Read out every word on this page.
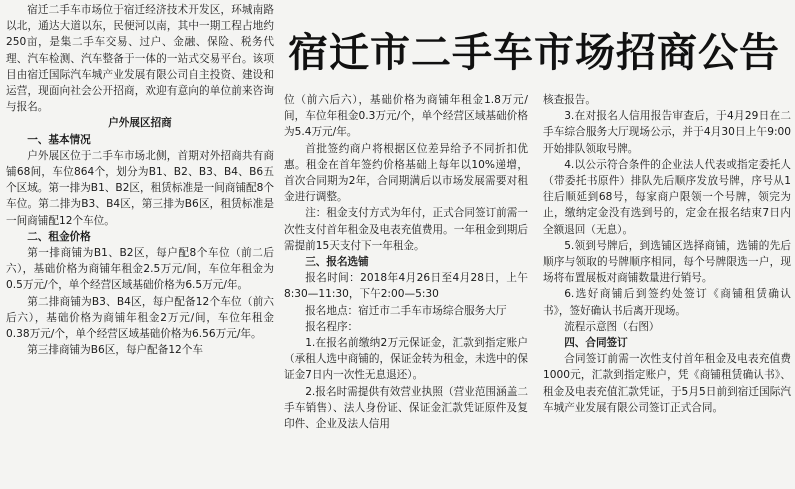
宿迁二手车市场位于宿迁经济技术开发区，环城南路以北，通达大道以东，民便河以南，其中一期工程占地约250亩，是集二手车交易、过户、金融、保险、税务代理、汽车检测、汽车整备于一体的一站式交易平台。该项目由宿迁国际汽车城产业发展有限公司自主投资、建设和运营，现面向社会公开招商，欢迎有意向的单位前来咨询与报名。

户外展区招商

一、基本情况

户外展区位于二手车市场北侧，首期对外招商共有商铺68间，车位864个，划分为B1、B2、B3、B4、B6五个区域。第一排为B1、B2区，租赁标准是一间商铺配8个车位。第二排为B3、B4区，第三排为B6区，租赁标准是一间商铺配12个车位。

二、租金价格

第一排商铺为B1、B2区，每户配8个车位（前二后六），基础价格为商铺年租金2.5万元/间，车位年租金为0.5万元/个，单个经营区域基础价格为6.5万元/年。

第二排商铺为B3、B4区，每户配备12个车位（前六后六），基础价格为商铺年租金2万元/间，车位年租金0.38万元/个，单个经营区域基础价格为6.56万元/年。

第三排商铺为B6区，每户配备12个车

宿迁市二手车市场招商公告

位（前六后六），基础价格为商铺年租金1.8万元/间，车位年租金0.3万元/个，单个经营区域基础价格为5.4万元/年。

首批签约商户将根据区位差异给予不同折扣优惠。租金在首年签约价格基础上每年以10%递增，首次合同期为2年，合同期满后以市场发展需要对租金进行调整。

注：租金支付方式为年付，正式合同签订前需一次性支付首年租金及电表充值费用。一年租金到期后需提前15天支付下一年租金。

三、报名选铺

报名时间：2018年4月26日至4月28日，上午8:30—11:30，下午2:00—5:30

报名地点：宿迁市二手车市场综合服务大厅

报名程序：

1.在报名前缴纳2万元保证金，汇款到指定账户（承租人选中商铺的，保证金转为租金，未选中的保证金7日内一次性无息退还）。

2.报名时需提供有效营业执照（营业范围涵盖二手车销售）、法人身份证、保证金汇款凭证原件及复印件、企业及法人信用

核查报告。

3.在对报名人信用报告审查后，于4月29日在二手车综合服务大厅现场公示，并于4月30日上午9:00开始排队领取号牌。

4.以公示符合条件的企业法人代表或指定委托人（带委托书原件）排队先后顺序发放号牌，序号从1往后顺延到68号，每家商户限领一个号牌，领完为止，缴纳定金没有选到号的，定金在报名结束7日内全额退回（无息）。

5.领到号牌后，到选铺区选择商铺，选铺的先后顺序与领取的号牌顺序相同，每个号牌限选一户，现场将布置展板对商铺数量进行销号。

6.选好商铺后到签约处签订《商铺租赁确认书》，签好确认书后离开现场。

流程示意图（右图）

四、合同签订

合同签订前需一次性支付首年租金及电表充值费1000元，汇款到指定账户，凭《商铺租赁确认书》、租金及电表充值汇款凭证，于5月5日前到宿迁国际汽车城产业发展有限公司签订正式合同。
